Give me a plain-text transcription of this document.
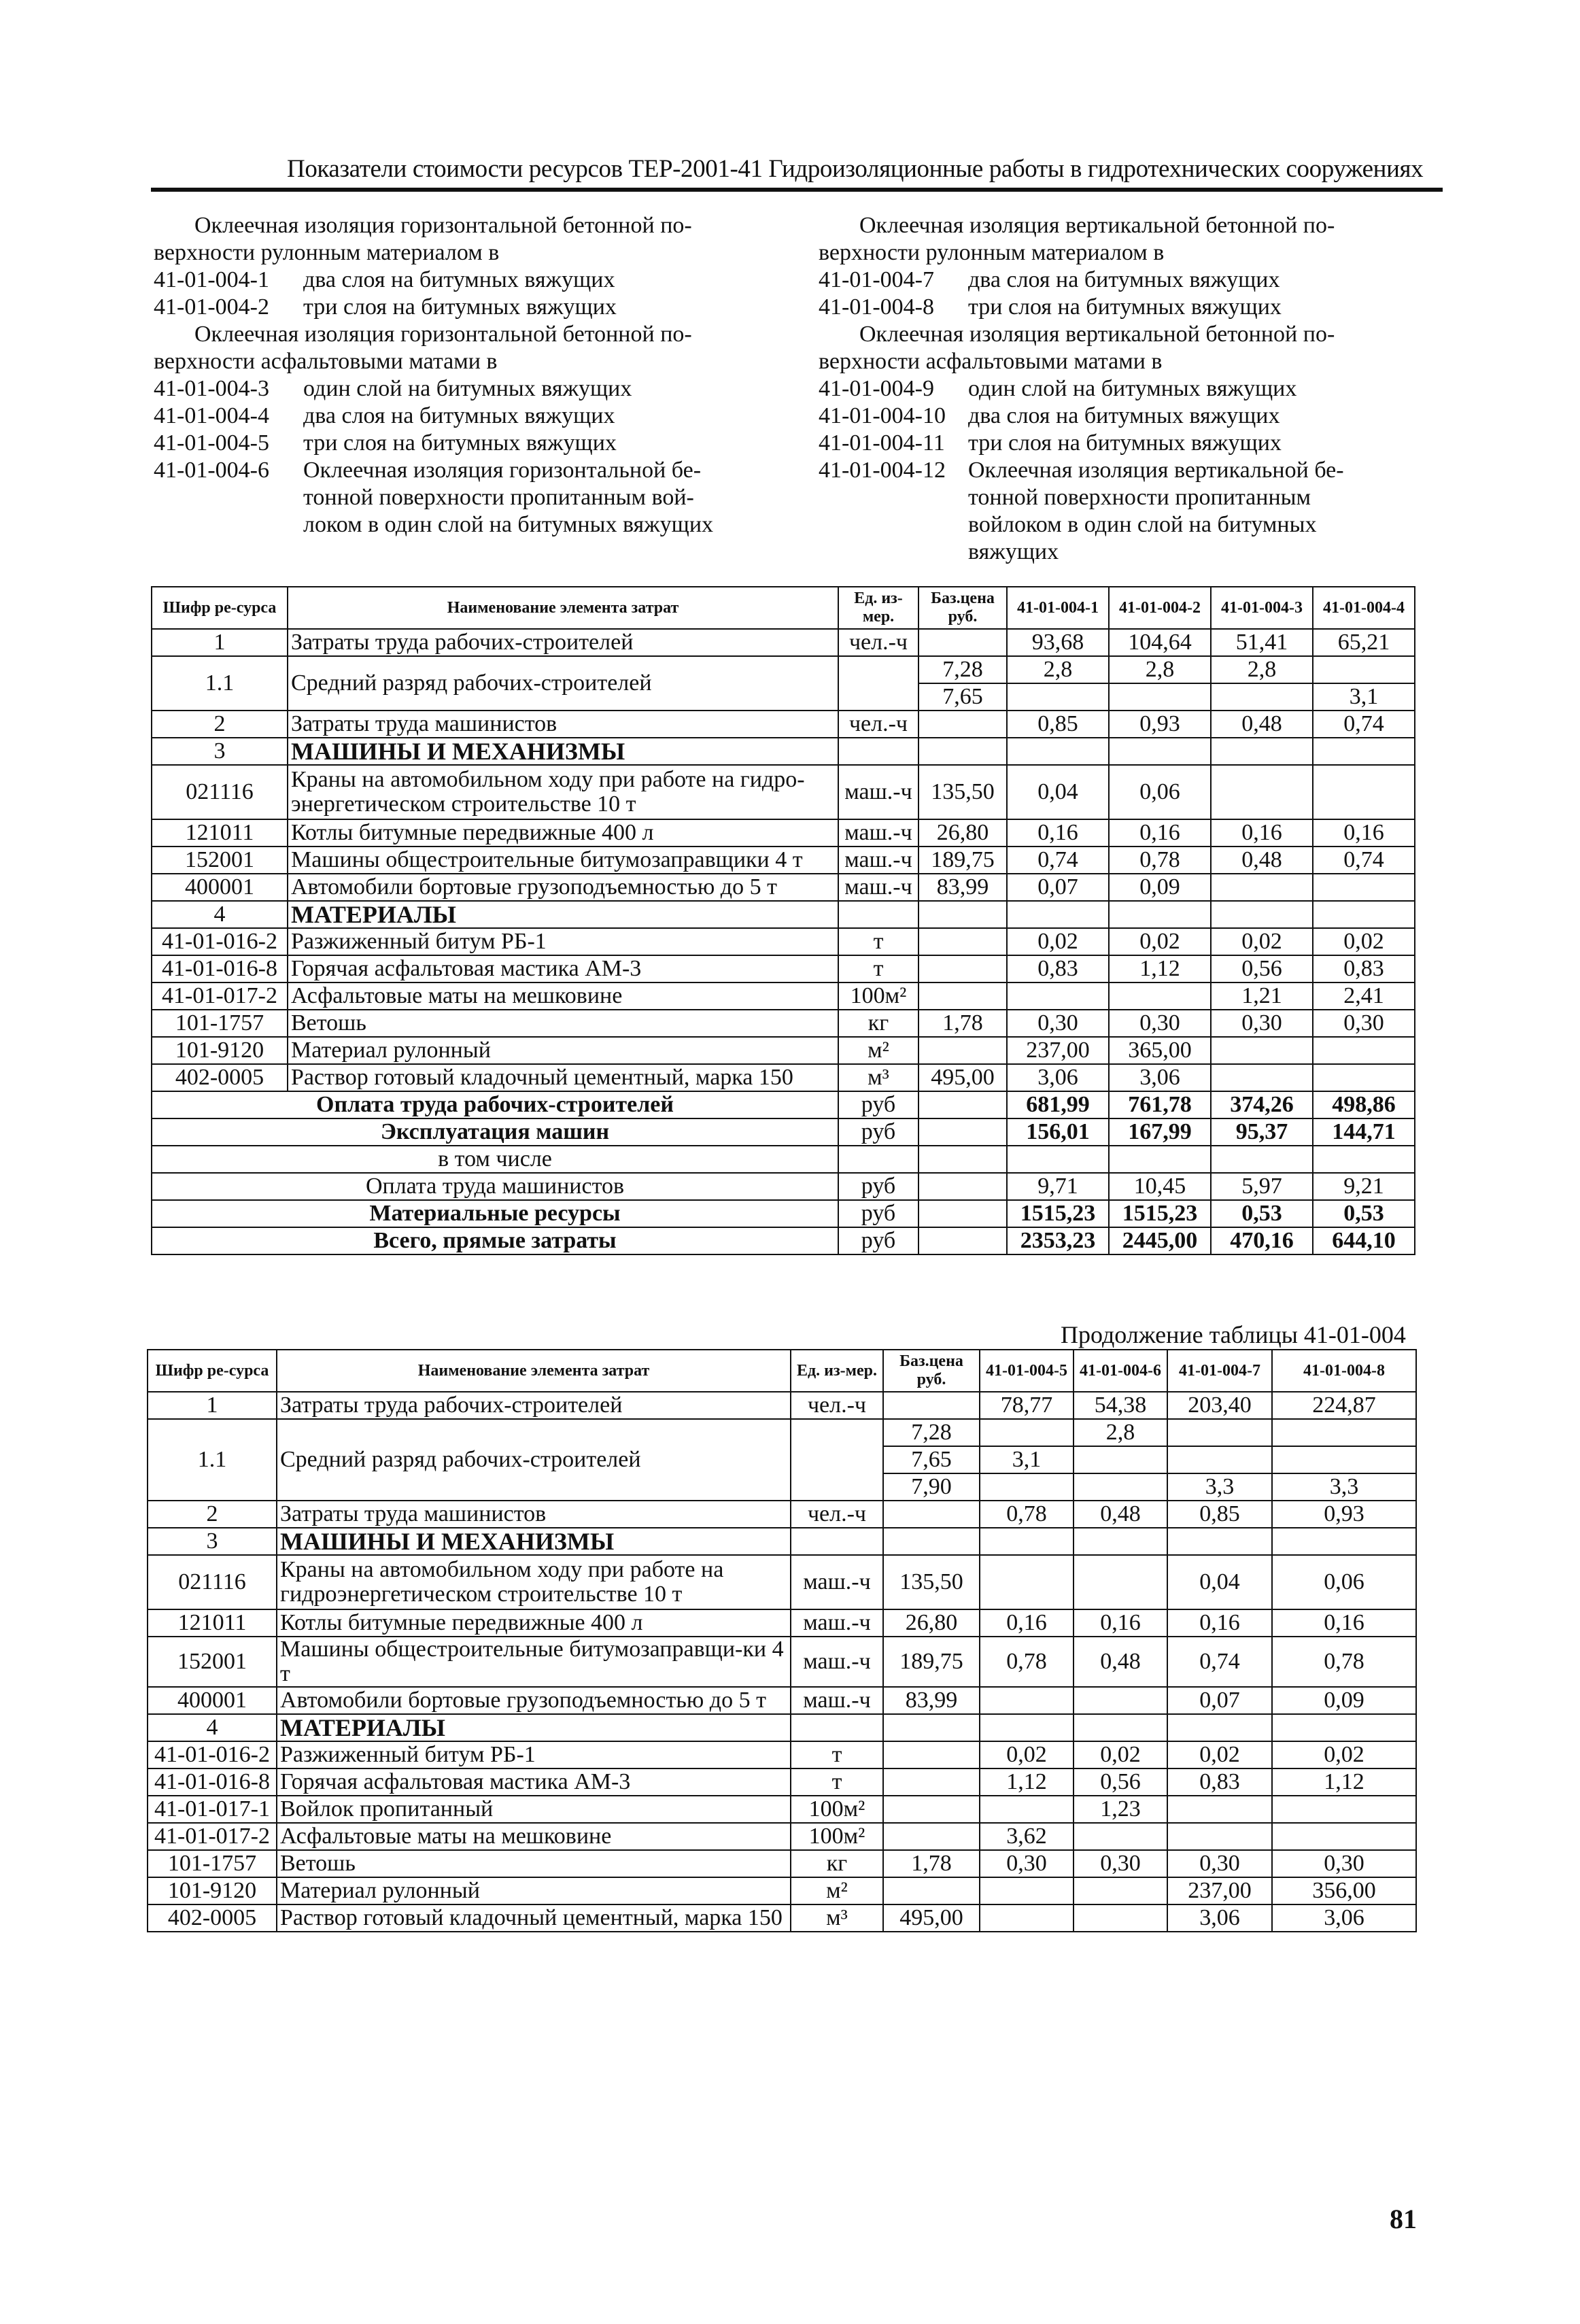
Показатели стоимости ресурсов ТЕР-2001-41 Гидроизоляционные работы в гидротехнических сооружениях
Оклеечная изоляция горизонтальной бетонной по-
верхности рулонным материалом в
41-01-004-1	два слоя на битумных вяжущих
41-01-004-2	три слоя на битумных вяжущих
Оклеечная изоляция горизонтальной бетонной по-
верхности асфальтовыми матами в
41-01-004-3	один слой на битумных вяжущих
41-01-004-4	два слоя на битумных вяжущих
41-01-004-5	три слоя на битумных вяжущих
41-01-004-6	Оклеечная изоляция горизонтальной бе-
тонной поверхности пропитанным вой-
локом в один слой на битумных вяжущих
Оклеечная изоляция вертикальной бетонной по-
верхности рулонным материалом в
41-01-004-7	два слоя на битумных вяжущих
41-01-004-8	три слоя на битумных вяжущих
Оклеечная изоляция вертикальной бетонной по-
верхности асфальтовыми матами в
41-01-004-9	один слой на битумных вяжущих
41-01-004-10 два слоя на битумных вяжущих
41-01-004-11	три слоя на битумных вяжущих
41-01-004-12 Оклеечная изоляция вертикальной бе-
тонной поверхности пропитанным
войлоком в один слой на битумных
вяжущих
Шифр ре-сурса	Наименование элемента затрат	Ед. из-мер.	Баз.цена руб.	41-01-004-1	41-01-004-2	41-01-004-3	41-01-004-4
1	Затраты труда рабочих-строителей	чел.-ч		93,68	104,64	51,41	65,21
1.1	Средний разряд рабочих-строителей		7,28	2,8	2,8	2,8	
			7,65				3,1
2	Затраты труда машинистов	чел.-ч		0,85	0,93	0,48	0,74
3	МАШИНЫ И МЕХАНИЗМЫ						
021116	Краны на автомобильном ходу при работе на гидро-энергетическом строительстве 10 т	маш.-ч	135,50	0,04	0,06		
121011	Котлы битумные передвижные 400 л	маш.-ч	26,80	0,16	0,16	0,16	0,16
152001	Машины общестроительные битумозаправщики 4 т	маш.-ч	189,75	0,74	0,78	0,48	0,74
400001	Автомобили бортовые грузоподъемностью до 5 т	маш.-ч	83,99	0,07	0,09		
4	МАТЕРИАЛЫ						
41-01-016-2	Разжиженный битум РБ-1	т		0,02	0,02	0,02	0,02
41-01-016-8	Горячая асфальтовая мастика АМ-3	т		0,83	1,12	0,56	0,83
41-01-017-2	Асфальтовые маты на мешковине	100м²				1,21	2,41
101-1757	Ветошь	кг	1,78	0,30	0,30	0,30	0,30
101-9120	Материал рулонный	м²		237,00	365,00		
402-0005	Раствор готовый кладочный цементный, марка 150	м³	495,00	3,06	3,06		
Оплата труда рабочих-строителей		руб		681,99	761,78	374,26	498,86
Эксплуатация машин		руб		156,01	167,99	95,37	144,71
в том числе							
Оплата труда машинистов		руб		9,71	10,45	5,97	9,21
Материальные ресурсы		руб		1515,23	1515,23	0,53	0,53
Всего, прямые затраты		руб		2353,23	2445,00	470,16	644,10
Продолжение таблицы 41-01-004
Шифр ре-сурса	Наименование элемента затрат	Ед. из-мер.	Баз.цена руб.	41-01-004-5	41-01-004-6	41-01-004-7	41-01-004-8
1	Затраты труда рабочих-строителей	чел.-ч		78,77	54,38	203,40	224,87
1.1	Средний разряд рабочих-строителей		7,28		2,8		
			7,65	3,1			
			7,90			3,3	3,3
2	Затраты труда машинистов	чел.-ч		0,78	0,48	0,85	0,93
3	МАШИНЫ И МЕХАНИЗМЫ						
021116	Краны на автомобильном ходу при работе на гидроэнергетическом строительстве 10 т	маш.-ч	135,50			0,04	0,06
121011	Котлы битумные передвижные 400 л	маш.-ч	26,80	0,16	0,16	0,16	0,16
152001	Машины общестроительные битумозаправщи-ки 4 т	маш.-ч	189,75	0,78	0,48	0,74	0,78
400001	Автомобили бортовые грузоподъемностью до 5 т	маш.-ч	83,99			0,07	0,09
4	МАТЕРИАЛЫ						
41-01-016-2	Разжиженный битум РБ-1	т		0,02	0,02	0,02	0,02
41-01-016-8	Горячая асфальтовая мастика АМ-3	т		1,12	0,56	0,83	1,12
41-01-017-1	Войлок пропитанный	100м²			1,23		
41-01-017-2	Асфальтовые маты на мешковине	100м²		3,62			
101-1757	Ветошь	кг	1,78	0,30	0,30	0,30	0,30
101-9120	Материал рулонный	м²				237,00	356,00
402-0005	Раствор готовый кладочный цементный, марка 150	м³	495,00			3,06	3,06
81
